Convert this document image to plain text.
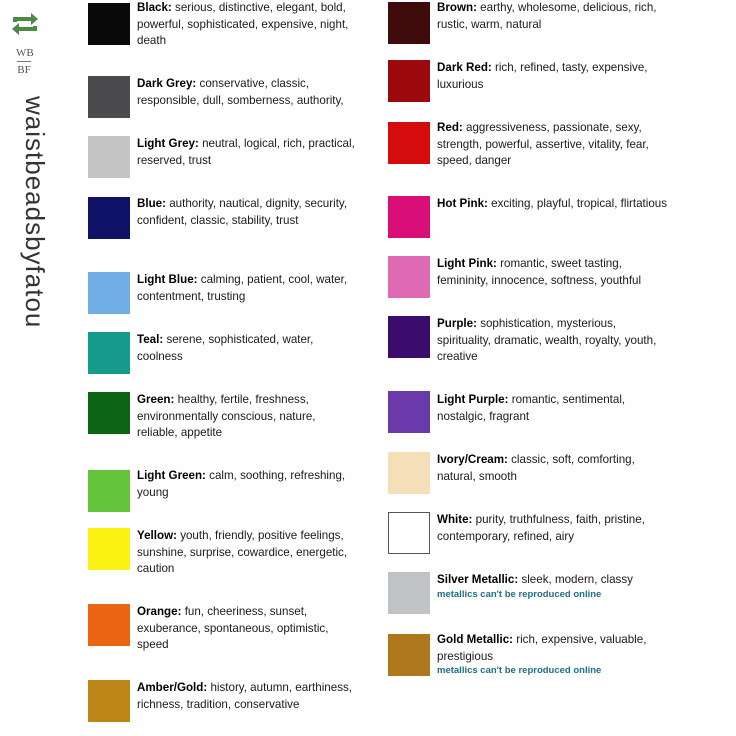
WB
BF
waistbeadsbyfatou
Black: serious, distinctive, elegant, bold, powerful, sophisticated, expensive, night, death
Dark Grey: conservative, classic, responsible, dull, somberness, authority,
Light Grey: neutral, logical, rich, practical, reserved, trust
Blue: authority, nautical, dignity, security, confident, classic, stability, trust
Light Blue: calming, patient, cool, water, contentment, trusting
Teal: serene, sophisticated, water, coolness
Green: healthy, fertile, freshness, environmentally conscious, nature, reliable, appetite
Light Green: calm, soothing, refreshing, young
Yellow: youth, friendly, positive feelings, sunshine, surprise, cowardice, energetic, caution
Orange: fun, cheeriness, sunset, exuberance, spontaneous, optimistic, speed
Amber/Gold: history, autumn, earthiness, richness, tradition, conservative
Brown: earthy, wholesome, delicious, rich, rustic, warm, natural
Dark Red: rich, refined, tasty, expensive, luxurious
Red: aggressiveness, passionate, sexy, strength, powerful, assertive, vitality, fear, speed, danger
Hot Pink: exciting, playful, tropical, flirtatious
Light Pink: romantic, sweet tasting, femininity, innocence, softness, youthful
Purple: sophistication, mysterious, spirituality, dramatic, wealth, royalty, youth, creative
Light Purple: romantic, sentimental, nostalgic, fragrant
Ivory/Cream: classic, soft, comforting, natural, smooth
White: purity, truthfulness, faith, pristine, contemporary, refined, airy
Silver Metallic: sleek, modern, classy
metallics can't be reproduced online
Gold Metallic: rich, expensive, valuable, prestigious
metallics can't be reproduced online
